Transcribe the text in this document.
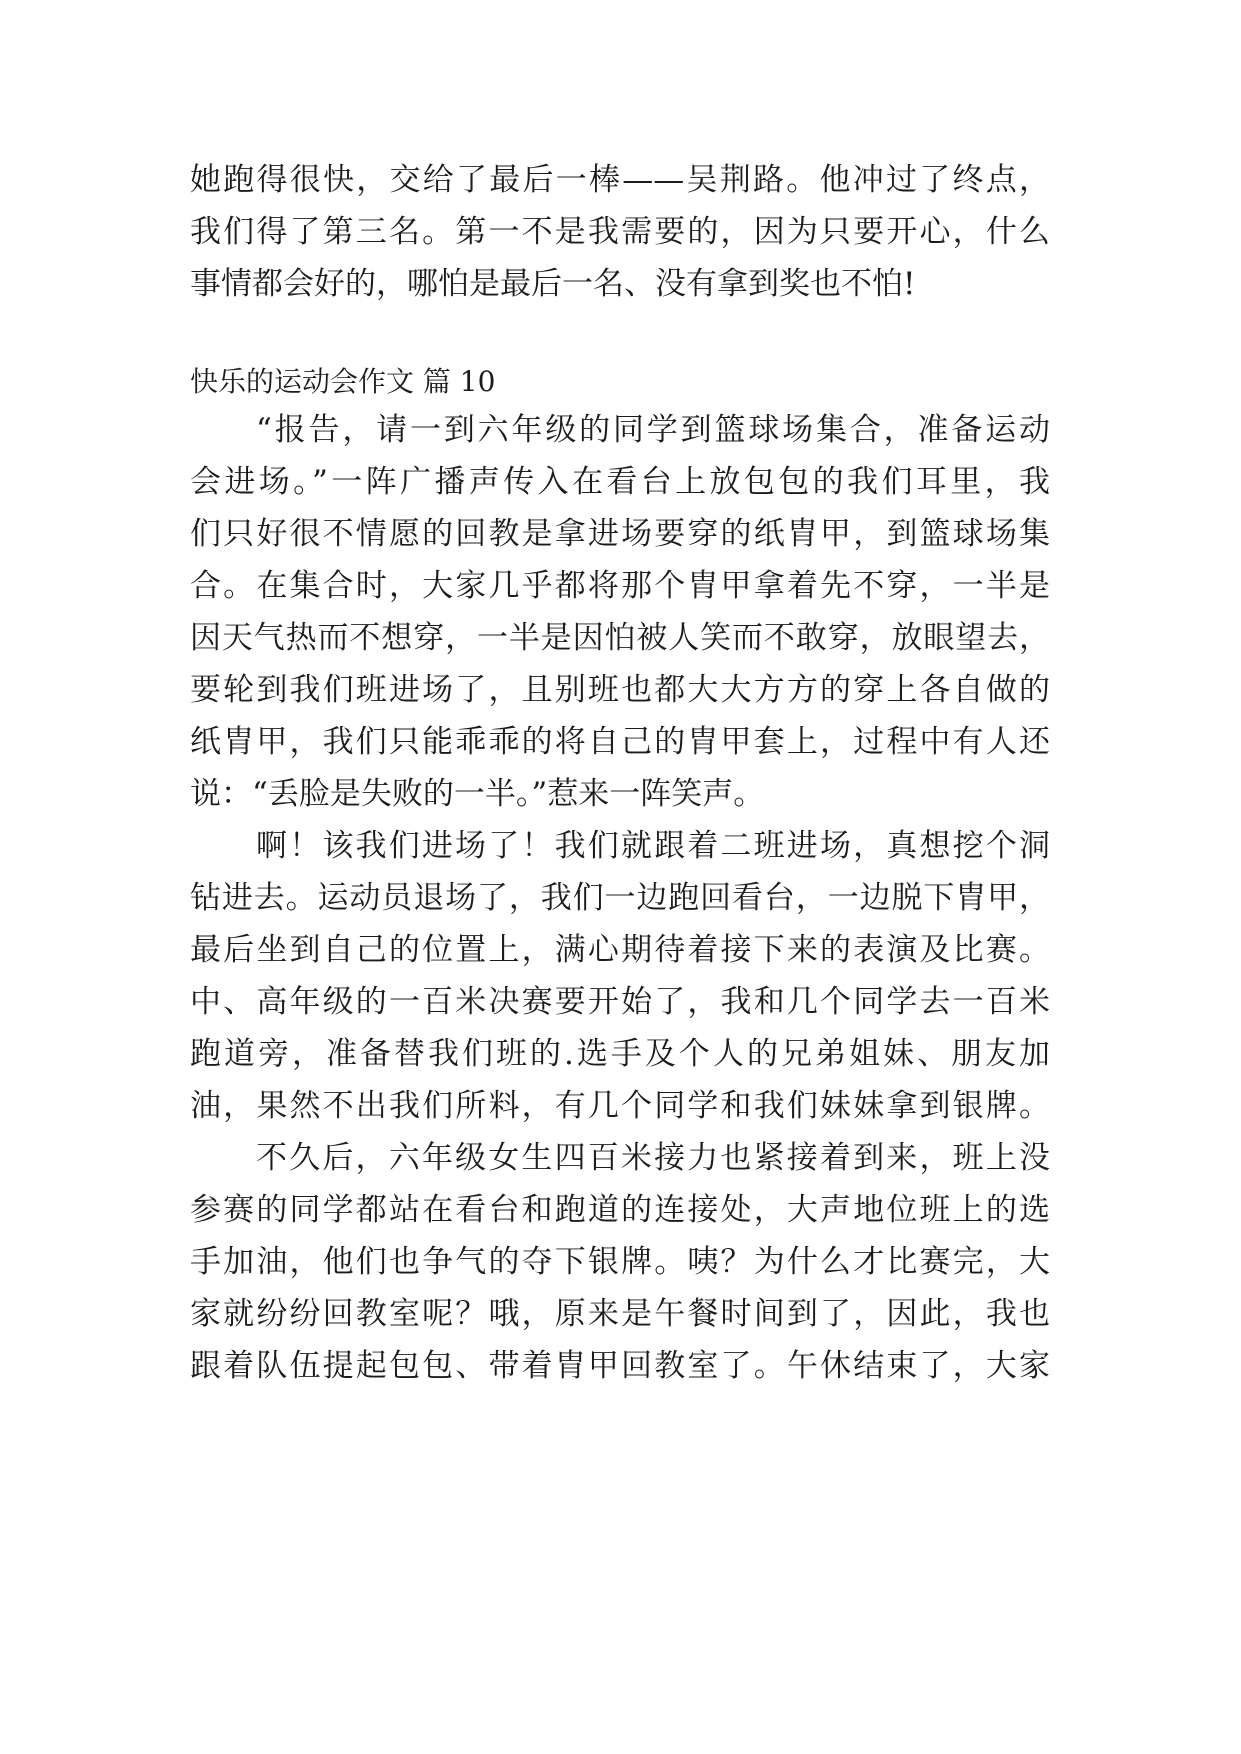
她跑得很快，交给了最后一棒——吴荆路。他冲过了终点，
我们得了第三名。第一不是我需要的，因为只要开心，什么
事情都会好的，哪怕是最后一名、没有拿到奖也不怕!
快乐的运动会作文 篇 10
“报告，请一到六年级的同学到篮球场集合，准备运动
会进场。”一阵广播声传入在看台上放包包的我们耳里，我
们只好很不情愿的回教是拿进场要穿的纸胄甲，到篮球场集
合。在集合时，大家几乎都将那个胄甲拿着先不穿，一半是
因天气热而不想穿，一半是因怕被人笑而不敢穿，放眼望去，
要轮到我们班进场了，且别班也都大大方方的穿上各自做的
纸胄甲，我们只能乖乖的将自己的胄甲套上，过程中有人还
说：“丢脸是失败的一半。”惹来一阵笑声。
啊！该我们进场了！我们就跟着二班进场，真想挖个洞
钻进去。运动员退场了，我们一边跑回看台，一边脱下胄甲，
最后坐到自己的位置上，满心期待着接下来的表演及比赛。
中、高年级的一百米决赛要开始了，我和几个同学去一百米
跑道旁，准备替我们班的.选手及个人的兄弟姐妹、朋友加
油，果然不出我们所料，有几个同学和我们妹妹拿到银牌。
不久后，六年级女生四百米接力也紧接着到来，班上没
参赛的同学都站在看台和跑道的连接处，大声地位班上的选
手加油，他们也争气的夺下银牌。咦？为什么才比赛完，大
家就纷纷回教室呢？哦，原来是午餐时间到了，因此，我也
跟着队伍提起包包、带着胄甲回教室了。午休结束了，大家
